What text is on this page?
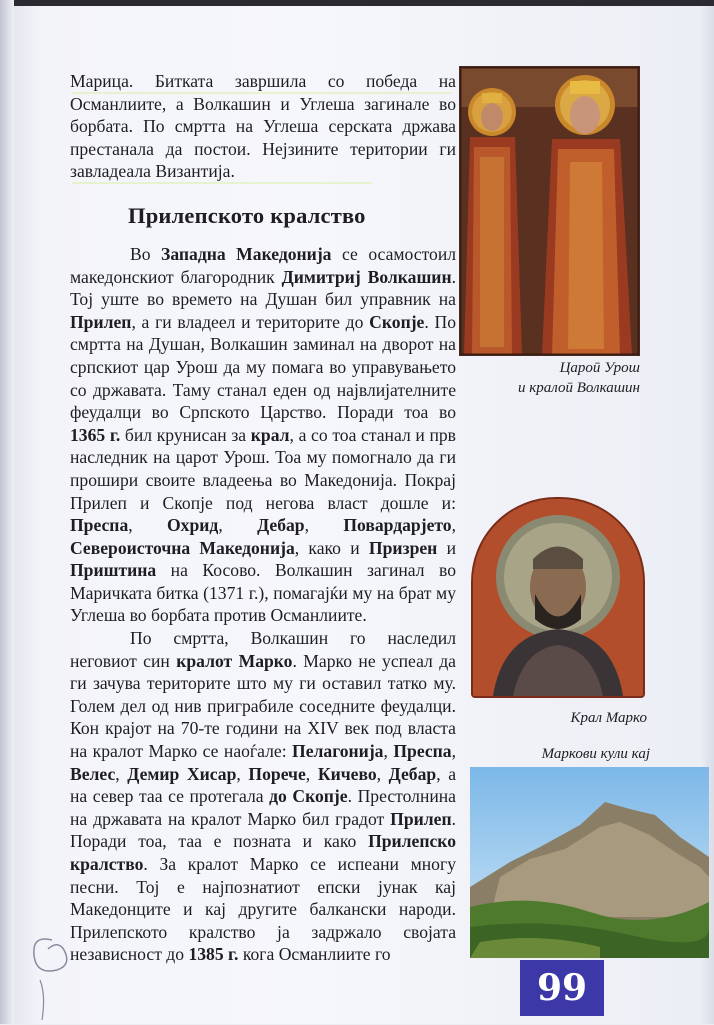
Марица. Битката завршила со победа на Османлиите, а Волкашин и Углеша загинале во борбата. По смртта на Углеша серската држава престанала да постои. Нејзините територии ги завладеала Византија.

Во Западна Македонија се осамостоил македонскиот благородник Димитриј Волкашин. Тој уште во времето на Душан бил управник на Прилеп, а ги владеел и територите до Скопје. По смртта на Душан, Волкашин заминал на дворот на српскиот цар Урош да му помага во управувањето со државата. Таму станал еден од највлијателните феудалци во Српското Царство. Поради тоа во 1365 г. бил крунисан за крал, а со тоа станал и прв наследник на царот Урош. Тоа му помогнало да ги прошири своите владеења во Македонија. Покрај Прилеп и Скопје под негова власт дошле и: Преспа, Охрид, Дебар, Повардарјето, Североисточна Македонија, како и Призрен и Приштина на Косово. Волкашин загинал во Маричката битка (1371 г.), помагајќи му на брат му Углеша во борбата против Османлиите.

По смртта, Волкашин го наследил неговиот син кралот Марко. Марко не успеал да ги зачува територите што му ги оставил татко му. Голем дел од нив приграбиле соседните феудалци. Кон крајот на 70-те години на XIV век под власта на кралот Марко се наоѓале: Пелагонија, Преспа, Велес, Демир Хисар, Порече, Кичево, Дебар, а на север таа се протегала до Скопје. Престолнина на државата на кралот Марко бил градот Прилеп. Поради тоа, таа е позната и како Прилепско кралство. За кралот Марко се испеани многу песни. Тој е најпознатиот епски јунак кај Македонците и кај другите балкански народи. Прилепското кралство ја задржало својата независност до 1385 г. кога Османлиите го

Прилепското кралство
Цароӣ Урош
и кралоӣ Волкашин
Крал Марко
Маркови кули кај
99
